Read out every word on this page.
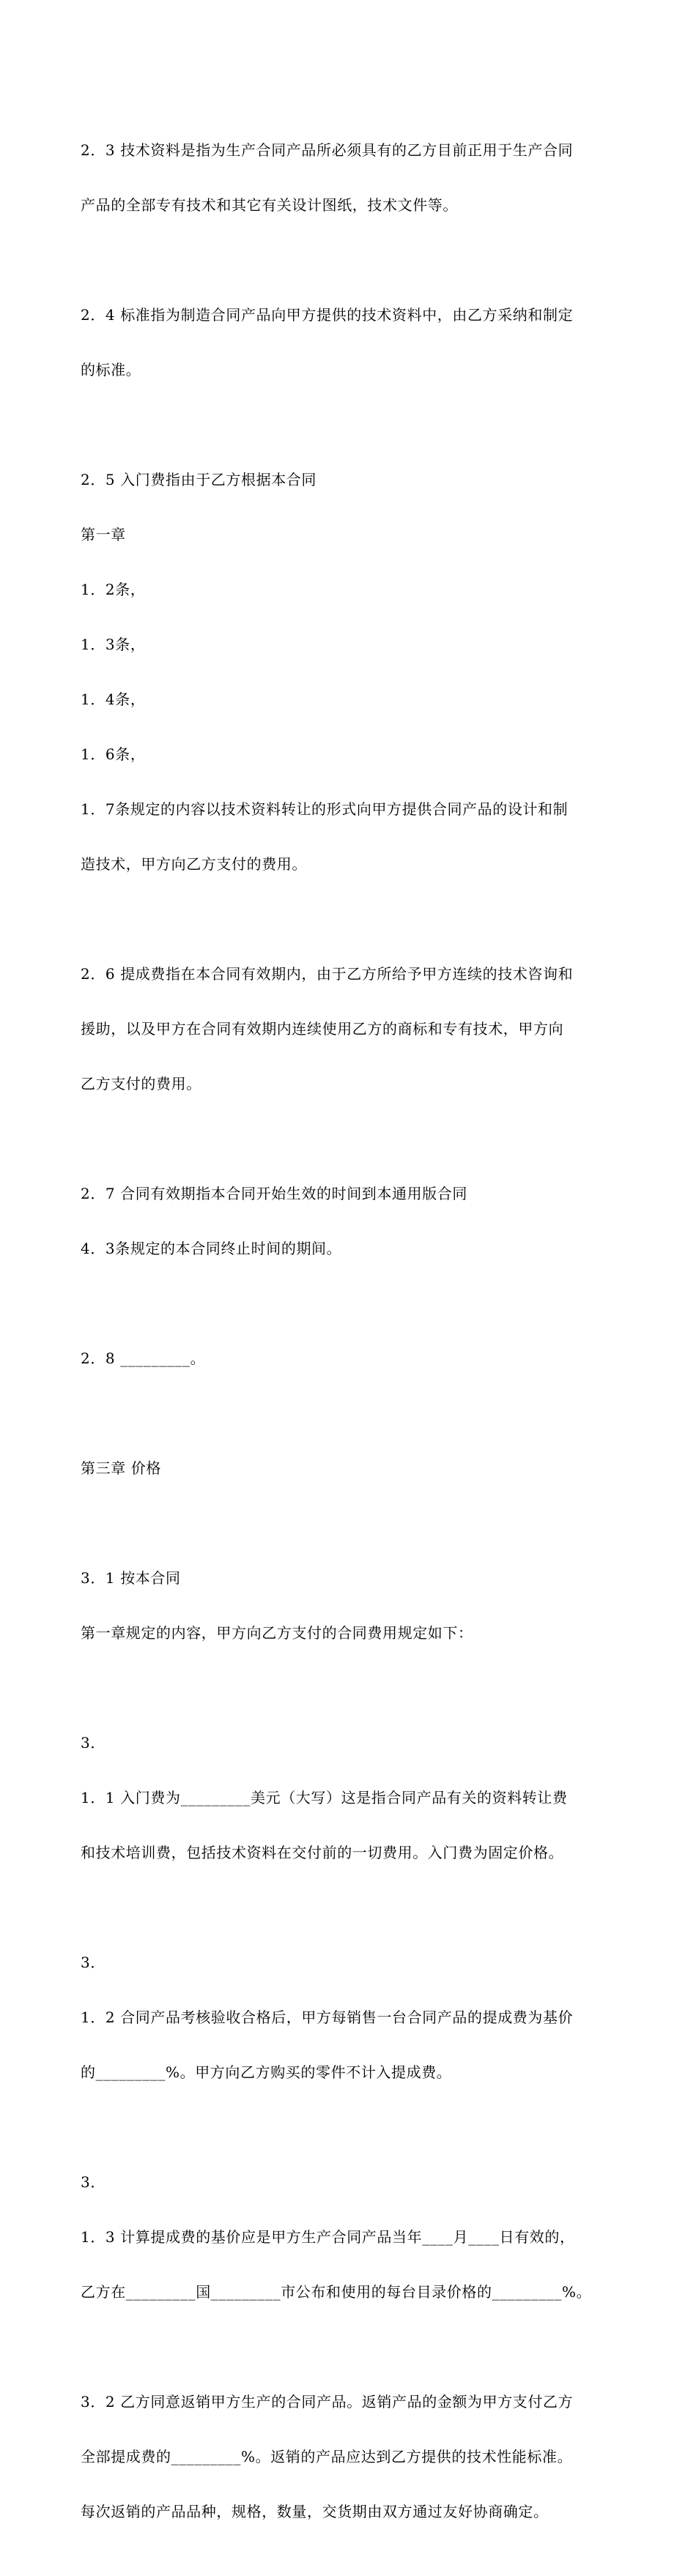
2．3 技术资料是指为生产合同产品所必须具有的乙方目前正用于生产合同

产品的全部专有技术和其它有关设计图纸，技术文件等。

2．4 标准指为制造合同产品向甲方提供的技术资料中，由乙方采纳和制定

的标准。

2．5 入门费指由于乙方根据本合同

第一章

1．2条，

1．3条，

1．4条，

1．6条，

1．7条规定的内容以技术资料转让的形式向甲方提供合同产品的设计和制

造技术，甲方向乙方支付的费用。

2．6 提成费指在本合同有效期内，由于乙方所给予甲方连续的技术咨询和

援助，以及甲方在合同有效期内连续使用乙方的商标和专有技术，甲方向

乙方支付的费用。

2．7 合同有效期指本合同开始生效的时间到本通用版合同

4．3条规定的本合同终止时间的期间。

2．8 _________。

第三章 价格

3．1 按本合同

第一章规定的内容，甲方向乙方支付的合同费用规定如下：

3．

1．1 入门费为_________美元（大写）这是指合同产品有关的资料转让费

和技术培训费，包括技术资料在交付前的一切费用。入门费为固定价格。

3．

1．2 合同产品考核验收合格后，甲方每销售一台合同产品的提成费为基价

的_________%。甲方向乙方购买的零件不计入提成费。

3．

1．3 计算提成费的基价应是甲方生产合同产品当年____月____日有效的，

乙方在_________国_________市公布和使用的每台目录价格的_________%。

3．2 乙方同意返销甲方生产的合同产品。返销产品的金额为甲方支付乙方

全部提成费的_________%。返销的产品应达到乙方提供的技术性能标准。

每次返销的产品品种，规格，数量，交货期由双方通过友好协商确定。
